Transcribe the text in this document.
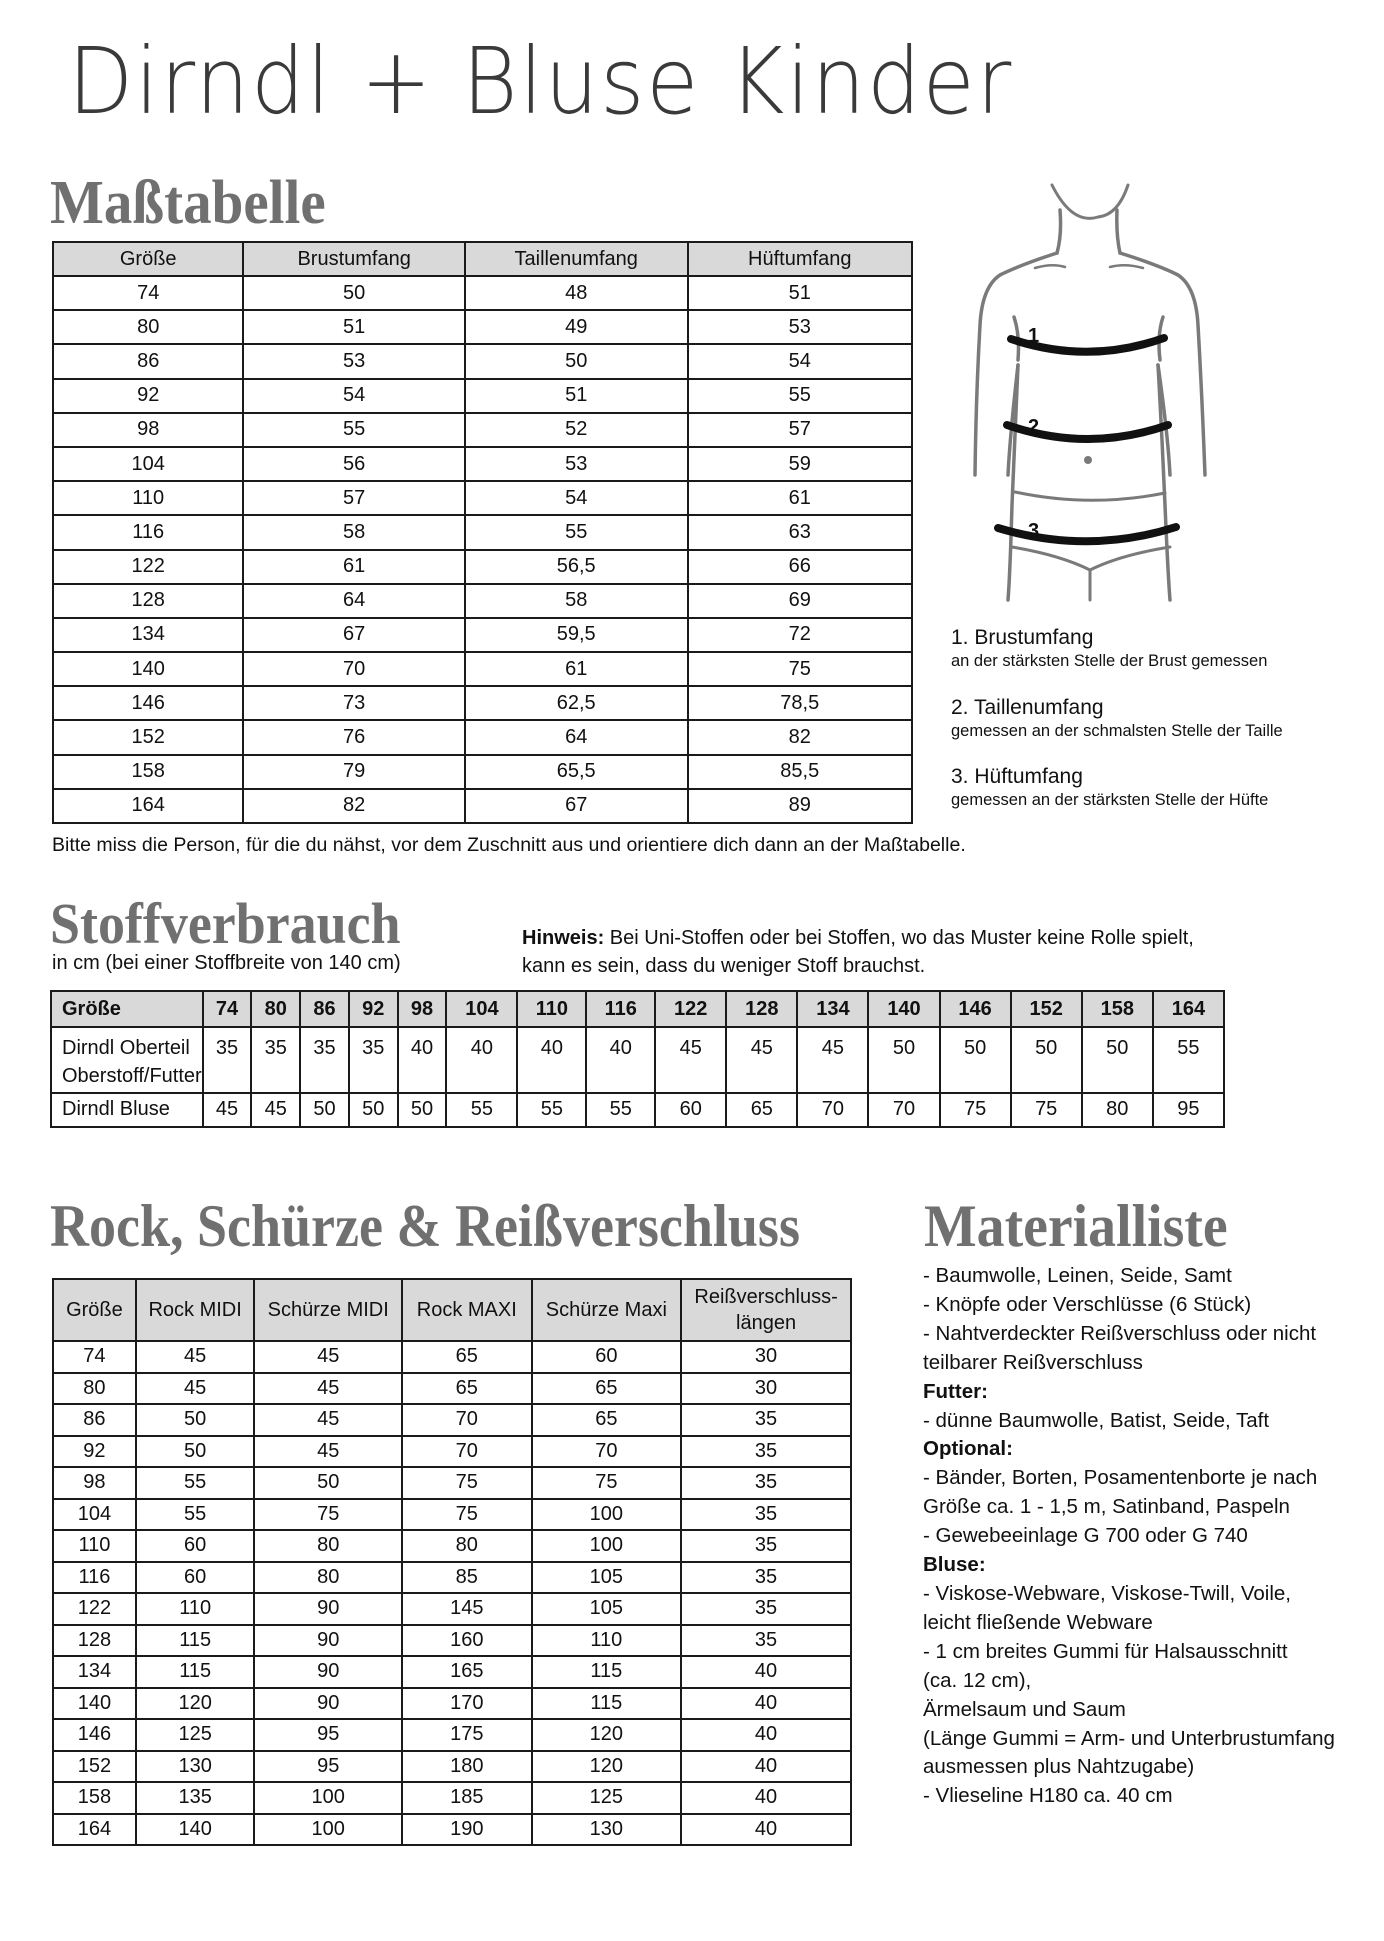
Dirndl + Bluse Kinder
Maßtabelle
Größe	Brustumfang	Taillenumfang	Hüftumfang
74	50	48	51
80	51	49	53
86	53	50	54
92	54	51	55
98	55	52	57
104	56	53	59
110	57	54	61
116	58	55	63
122	61	56,5	66
128	64	58	69
134	67	59,5	72
140	70	61	75
146	73	62,5	78,5
152	76	64	82
158	79	65,5	85,5
164	82	67	89
Bitte miss die Person, für die du nähst, vor dem Zuschnitt aus und orientiere dich dann an der Maßtabelle.
1
2
3
1. Brustumfang
an der stärksten Stelle der Brust gemessen
2. Taillenumfang
gemessen an der schmalsten Stelle der Taille
3. Hüftumfang
gemessen an der stärksten Stelle der Hüfte
Stoffverbrauch
in cm (bei einer Stoffbreite von 140 cm)
Hinweis: Bei Uni-Stoffen oder bei Stoffen, wo das Muster keine Rolle spielt, kann es sein, dass du weniger Stoff brauchst.
Größe	74	80	86	92	98	104	110	116	122	128	134	140	146	152	158	164

Dirndl Oberteil
Oberstoff/Futter	35	35	35	35	40	40	40	40	45	45	45	50	50	50	50	55

Dirndl Bluse	45	45	50	50	50	55	55	55	60	65	70	70	75	75	80	95
Rock, Schürze & Reißverschluss
Größe	Rock MIDI	Schürze MIDI	Rock MAXI	Schürze Maxi	Reißverschluss-
längen
74	45	45	65	60	30
80	45	45	65	65	30
86	50	45	70	65	35
92	50	45	70	70	35
98	55	50	75	75	35
104	55	75	75	100	35
110	60	80	80	100	35
116	60	80	85	105	35
122	110	90	145	105	35
128	115	90	160	110	35
134	115	90	165	115	40
140	120	90	170	115	40
146	125	95	175	120	40
152	130	95	180	120	40
158	135	100	185	125	40
164	140	100	190	130	40
Materialliste
- Baumwolle, Leinen, Seide, Samt
- Knöpfe oder Verschlüsse (6 Stück)
- Nahtverdeckter Reißverschluss oder nicht
teilbarer Reißverschluss
Futter:
- dünne Baumwolle, Batist, Seide, Taft
Optional:
- Bänder, Borten, Posamentenborte je nach
Größe ca. 1 - 1,5 m, Satinband, Paspeln
- Gewebeeinlage G 700 oder G 740
Bluse:
- Viskose-Webware, Viskose-Twill, Voile,
leicht fließende Webware
- 1 cm breites Gummi für Halsausschnitt
(ca. 12 cm),
Ärmelsaum und Saum
(Länge Gummi = Arm- und Unterbrustumfang
ausmessen plus Nahtzugabe)
- Vlieseline H180 ca. 40 cm
